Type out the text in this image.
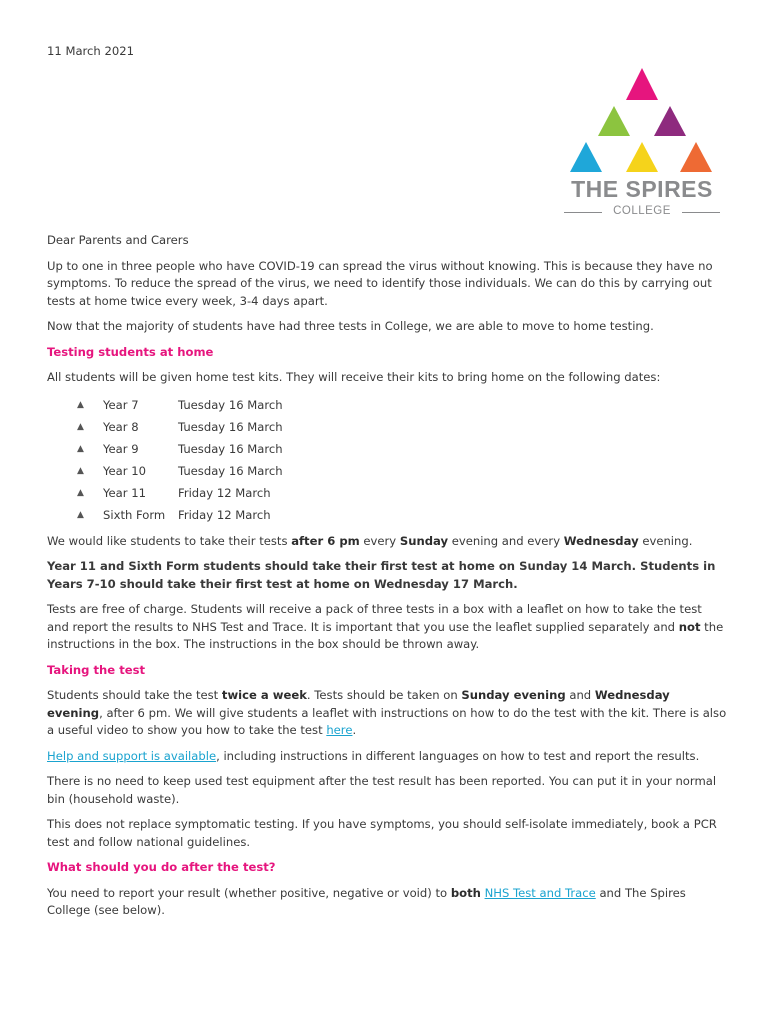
11 March 2021
THE SPIRES
COLLEGE

Dear Parents and Carers

Up to one in three people who have COVID-19 can spread the virus without knowing. This is because they have no symptoms. To reduce the spread of the virus, we need to identify those individuals. We can do this by carrying out tests at home twice every week, 3-4 days apart.

Now that the majority of students have had three tests in College, we are able to move to home testing.

Testing students at home

All students will be given home test kits. They will receive their kits to bring home on the following dates:

▲	Year 7	Tuesday 16 March
▲	Year 8	Tuesday 16 March
▲	Year 9	Tuesday 16 March
▲	Year 10	Tuesday 16 March
▲	Year 11	Friday 12 March
▲	Sixth Form	Friday 12 March

We would like students to take their tests after 6 pm every Sunday evening and every Wednesday evening.

Year 11 and Sixth Form students should take their first test at home on Sunday 14 March. Students in Years 7-10 should take their first test at home on Wednesday 17 March.

Tests are free of charge. Students will receive a pack of three tests in a box with a leaflet on how to take the test and report the results to NHS Test and Trace. It is important that you use the leaflet supplied separately and not the instructions in the box. The instructions in the box should be thrown away.

Taking the test

Students should take the test twice a week. Tests should be taken on Sunday evening and Wednesday evening, after 6 pm. We will give students a leaflet with instructions on how to do the test with the kit. There is also a useful video to show you how to take the test here.

Help and support is available, including instructions in different languages on how to test and report the results.

There is no need to keep used test equipment after the test result has been reported. You can put it in your normal bin (household waste).

This does not replace symptomatic testing. If you have symptoms, you should self-isolate immediately, book a PCR test and follow national guidelines.

What should you do after the test?

You need to report your result (whether positive, negative or void) to both NHS Test and Trace and The Spires College (see below).
